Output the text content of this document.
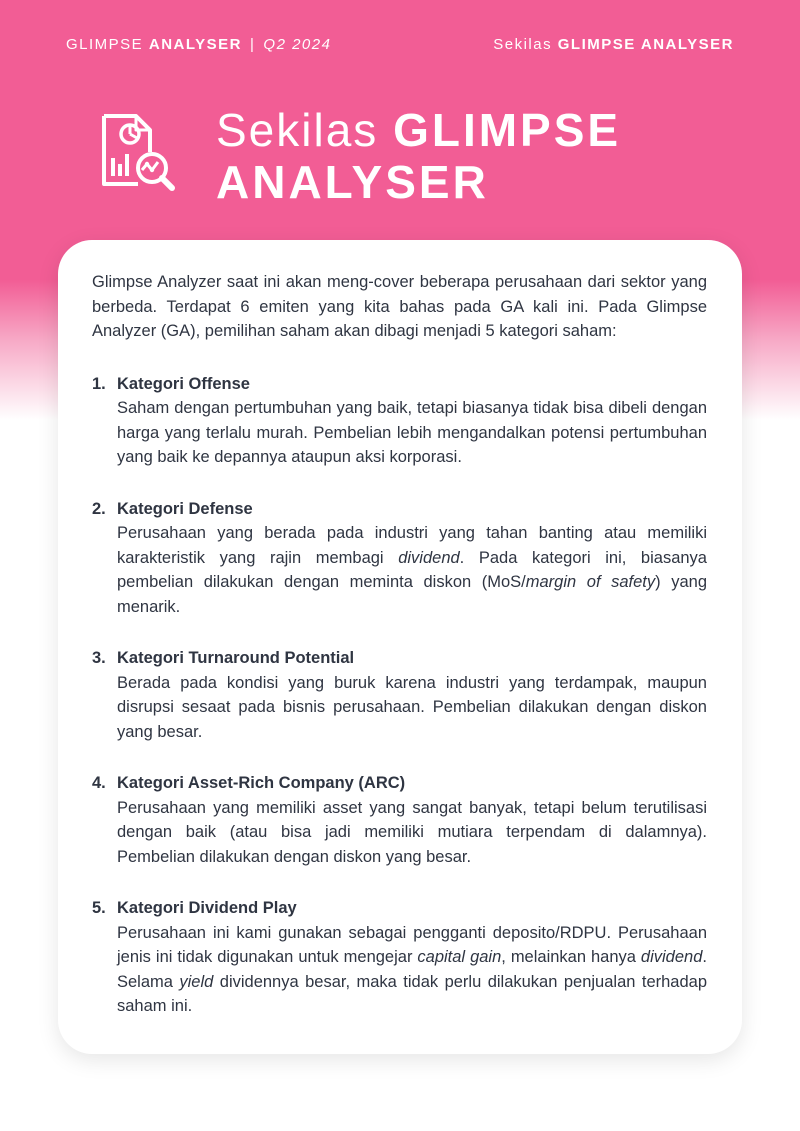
GLIMPSE ANALYSER | Q2 2024	Sekilas GLIMPSE ANALYSER
Sekilas GLIMPSE
ANALYSER

Glimpse Analyzer saat ini akan meng-cover beberapa perusahaan dari sektor yang berbeda. Terdapat 6 emiten yang kita bahas pada GA kali ini. Pada Glimpse Analyzer (GA), pemilihan saham akan dibagi menjadi 5 kategori saham:

1. Kategori Offense
Saham dengan pertumbuhan yang baik, tetapi biasanya tidak bisa dibeli dengan harga yang terlalu murah. Pembelian lebih mengandalkan potensi pertumbuhan yang baik ke depannya ataupun aksi korporasi.
2. Kategori Defense
Perusahaan yang berada pada industri yang tahan banting atau memiliki karakteristik yang rajin membagi dividend. Pada kategori ini, biasanya pembelian dilakukan dengan meminta diskon (MoS/margin of safety) yang menarik.
3. Kategori Turnaround Potential
Berada pada kondisi yang buruk karena industri yang terdampak, maupun disrupsi sesaat pada bisnis perusahaan. Pembelian dilakukan dengan diskon yang besar.
4. Kategori Asset-Rich Company (ARC)
Perusahaan yang memiliki asset yang sangat banyak, tetapi belum terutilisasi dengan baik (atau bisa jadi memiliki mutiara terpendam di dalamnya). Pembelian dilakukan dengan diskon yang besar.
5. Kategori Dividend Play
Perusahaan ini kami gunakan sebagai pengganti deposito/RDPU. Perusahaan jenis ini tidak digunakan untuk mengejar capital gain, melainkan hanya dividend. Selama yield dividennya besar, maka tidak perlu dilakukan penjualan terhadap saham ini.
